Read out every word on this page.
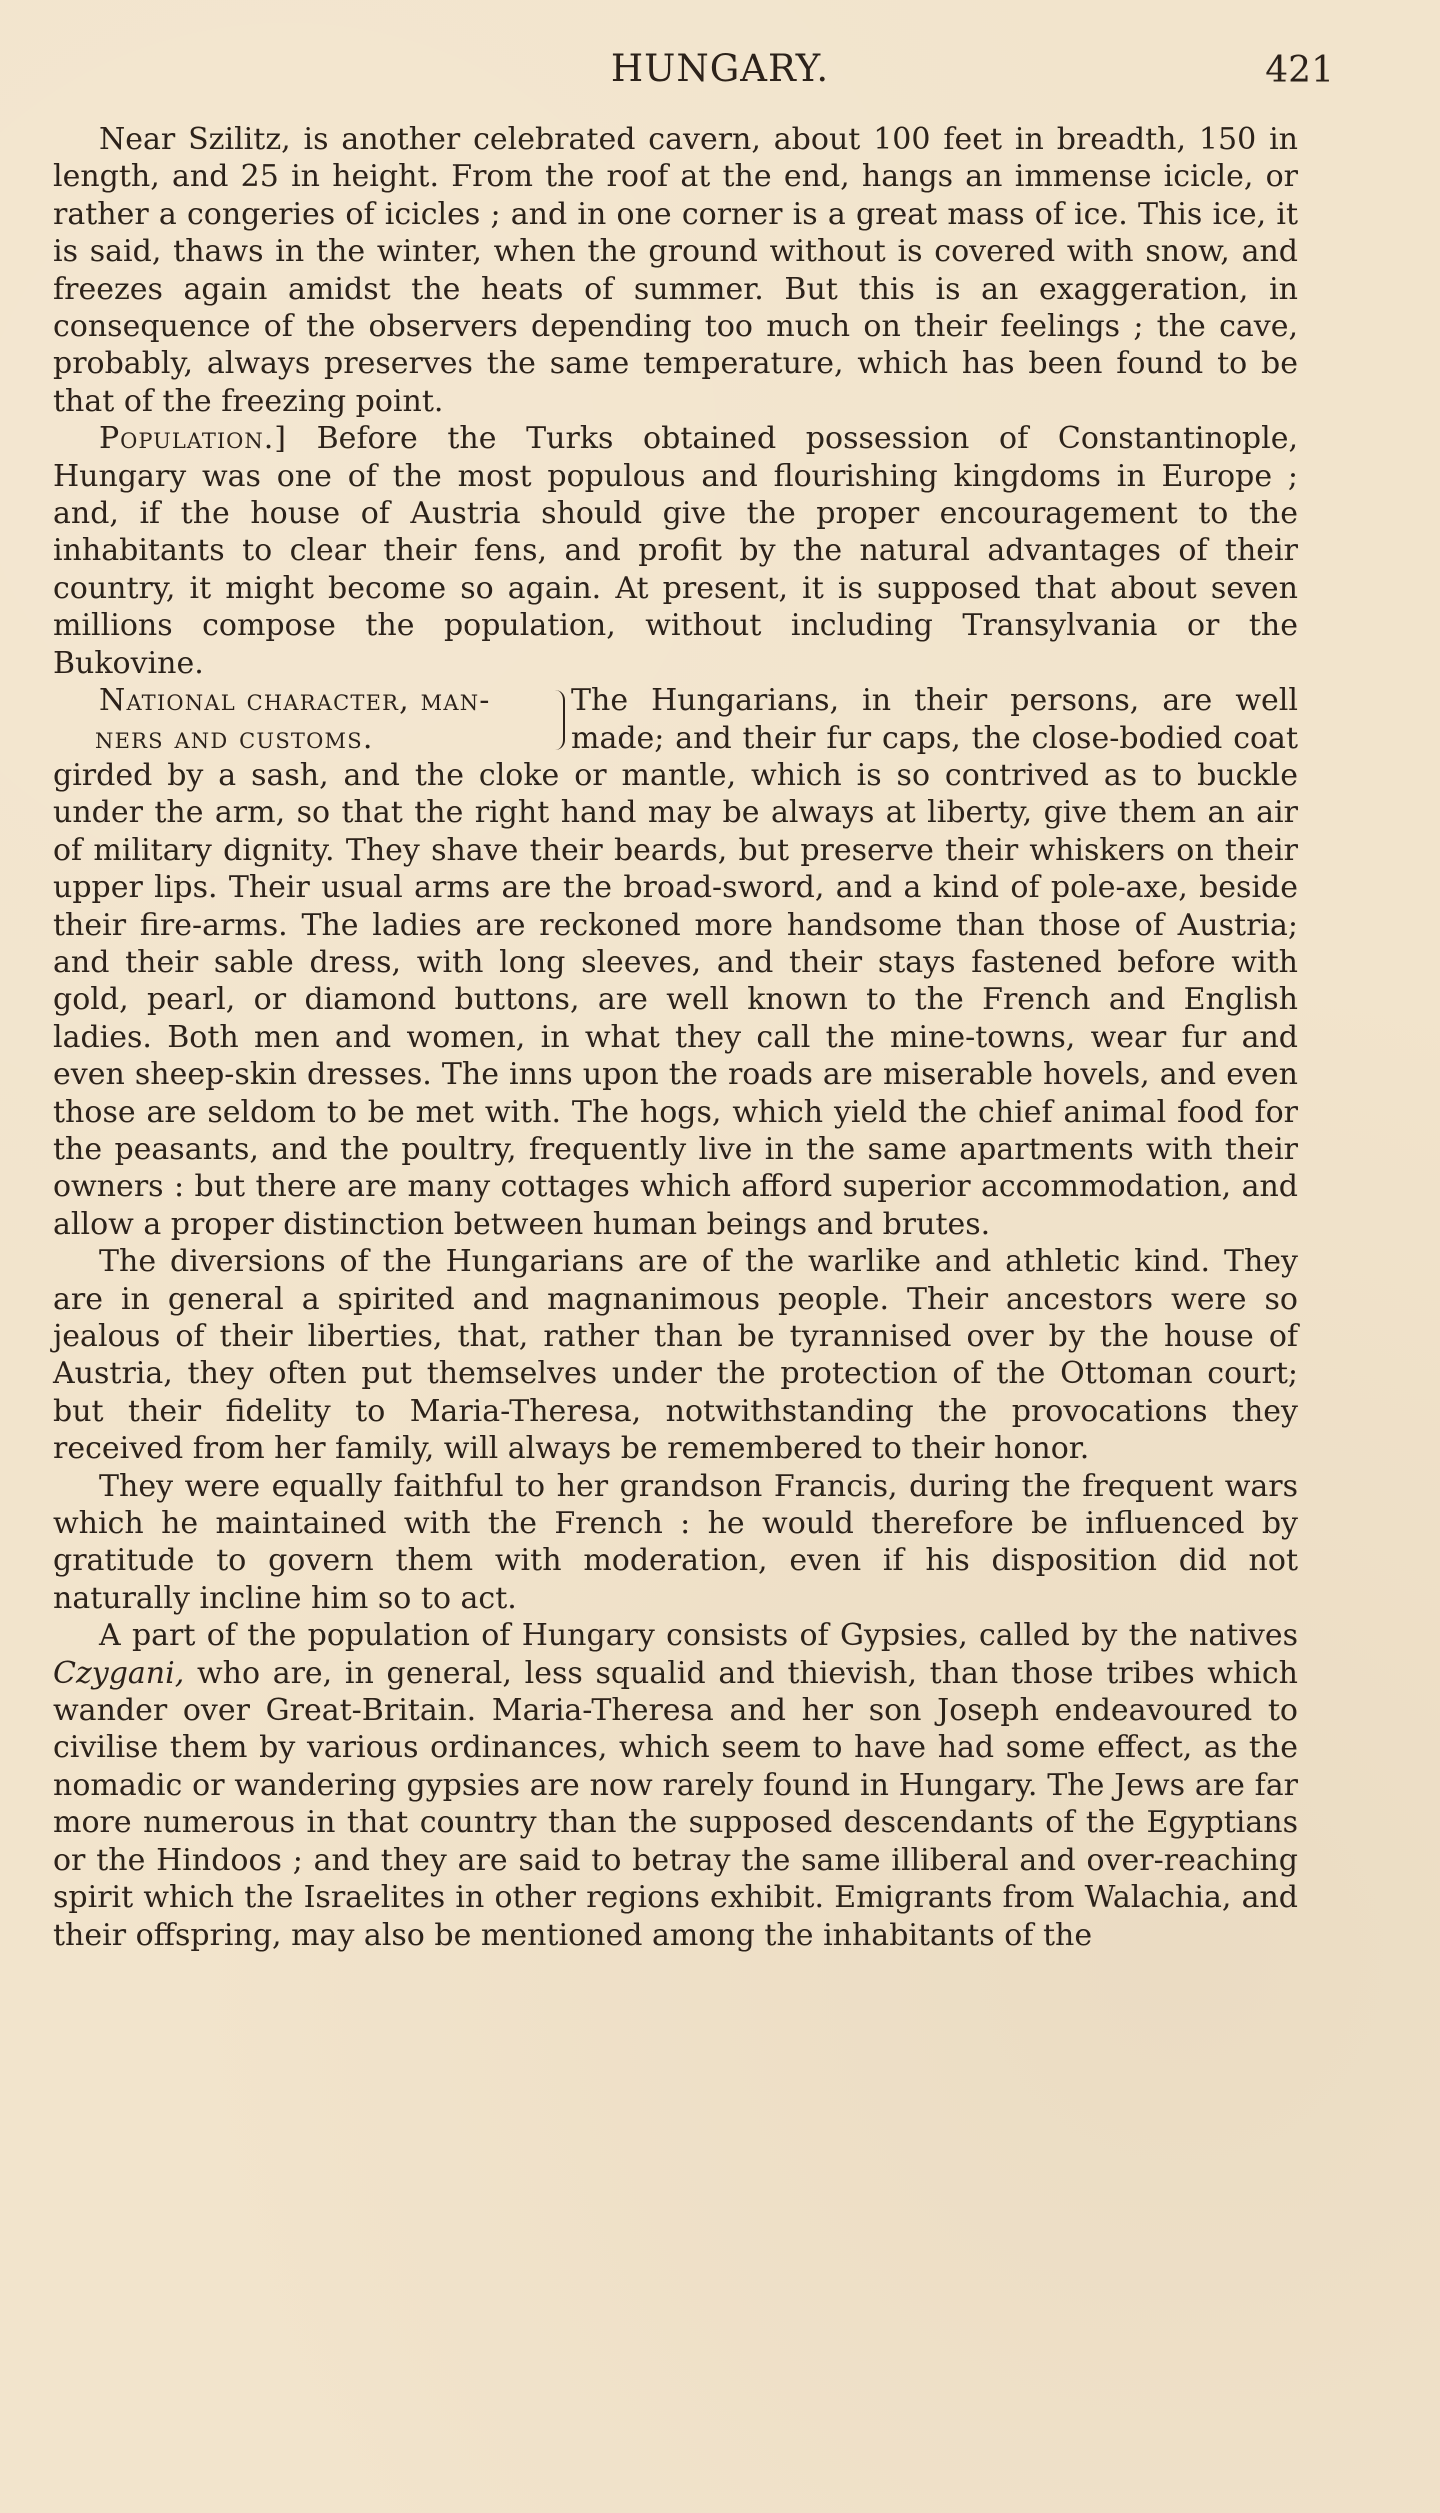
HUNGARY.	421

Near Szilitz, is another celebrated cavern, about 100 feet in breadth, 150 in length, and 25 in height. From the roof at the end, hangs an immense icicle, or rather a congeries of icicles ; and in one corner is a great mass of ice. This ice, it is said, thaws in the winter, when the ground without is covered with snow, and freezes again amidst the heats of summer. But this is an exaggeration, in consequence of the observers depending too much on their feelings ; the cave, probably, always preserves the same temperature, which has been found to be that of the freezing point.

Population.] Before the Turks obtained possession of Constantinople, Hungary was one of the most populous and flourishing kingdoms in Europe ; and, if the house of Austria should give the proper encouragement to the inhabitants to clear their fens, and profit by the natural advantages of their country, it might become so again. At present, it is supposed that about seven millions compose the population, without including Transylvania or the Bukovine.

National character, man-
ners and customs.
The Hungarians, in their persons, are well made; and their fur caps, the close-bodied coat girded by a sash, and the cloke or mantle, which is so contrived as to buckle under the arm, so that the right hand may be always at liberty, give them an air of military dignity. They shave their beards, but preserve their whiskers on their upper lips. Their usual arms are the broad-sword, and a kind of pole-axe, beside their fire-arms. The ladies are reckoned more handsome than those of Austria; and their sable dress, with long sleeves, and their stays fastened before with gold, pearl, or diamond buttons, are well known to the French and English ladies. Both men and women, in what they call the mine-towns, wear fur and even sheep-skin dresses. The inns upon the roads are miserable hovels, and even those are seldom to be met with. The hogs, which yield the chief animal food for the peasants, and the poultry, frequently live in the same apartments with their owners : but there are many cottages which afford superior accommodation, and allow a proper distinction between human beings and brutes.

The diversions of the Hungarians are of the warlike and athletic kind. They are in general a spirited and magnanimous people. Their ancestors were so jealous of their liberties, that, rather than be tyrannised over by the house of Austria, they often put themselves under the protection of the Ottoman court; but their fidelity to Maria-Theresa, notwithstanding the provocations they received from her family, will always be remembered to their honor.

They were equally faithful to her grandson Francis, during the frequent wars which he maintained with the French : he would therefore be influenced by gratitude to govern them with moderation, even if his disposition did not naturally incline him so to act.

A part of the population of Hungary consists of Gypsies, called by the natives Czygani, who are, in general, less squalid and thievish, than those tribes which wander over Great-Britain. Maria-Theresa and her son Joseph endeavoured to civilise them by various ordinances, which seem to have had some effect, as the nomadic or wandering gypsies are now rarely found in Hungary. The Jews are far more numerous in that country than the supposed descendants of the Egyptians or the Hindoos ; and they are said to betray the same illiberal and over-reaching spirit which the Israelites in other regions exhibit. Emigrants from Walachia, and their offspring, may also be mentioned among the inhabitants of the
